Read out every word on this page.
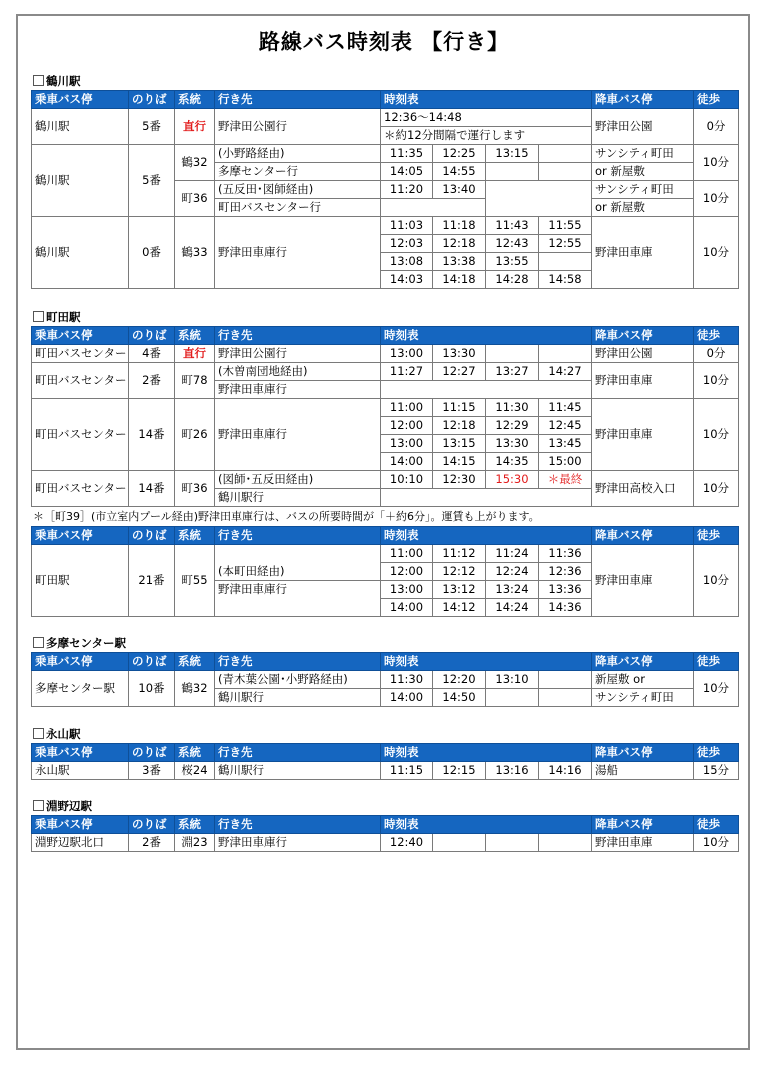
路線バス時刻表 【行き】
鶴川駅
乗車バス停	のりば	系統	行き先	時刻表				降車バス停	徒歩
鶴川駅	5番	直行	野津田公園行	12:36〜14:48				野津田公園	0分
				＊約12分間隔で運行します					
鶴川駅	5番	鶴32	(小野路経由)	11:35	12:25	13:15		サンシティ町田	10分
			多摩センター行	14:05	14:55			or 新屋敷	
		町36	(五反田･図師経由)	11:20	13:40			サンシティ町田	10分
			町田バスセンター行					or 新屋敷	
鶴川駅	0番	鶴33	野津田車庫行	11:03	11:18	11:43	11:55	野津田車庫	10分
				12:03	12:18	12:43	12:55		
				13:08	13:38	13:55			
				14:03	14:18	14:28	14:58		
町田駅
乗車バス停	のりば	系統	行き先	時刻表				降車バス停	徒歩
町田バスセンター	4番	直行	野津田公園行	13:00	13:30			野津田公園	0分
町田バスセンター	2番	町78	(木曽南団地経由)	11:27	12:27	13:27	14:27	野津田車庫	10分
			野津田車庫行						
町田バスセンター	14番	町26	野津田車庫行	11:00	11:15	11:30	11:45	野津田車庫	10分
				12:00	12:18	12:29	12:45		
				13:00	13:15	13:30	13:45		
				14:00	14:15	14:35	15:00		
町田バスセンター	14番	町36	(図師･五反田経由)	10:10	12:30	15:30	＊最終	野津田高校入口	10分
			鶴川駅行						
＊［町39］(市立室内プール経由)野津田車庫行は、バスの所要時間が「＋約6分」。運賃も上がります。
乗車バス停	のりば	系統	行き先	時刻表				降車バス停	徒歩
町田駅	21番	町55	(本町田経由)	11:00	11:12	11:24	11:36	野津田車庫	10分
				12:00	12:12	12:24	12:36		
			野津田車庫行	13:00	13:12	13:24	13:36		
				14:00	14:12	14:24	14:36		
多摩センター駅
乗車バス停	のりば	系統	行き先	時刻表				降車バス停	徒歩
多摩センター駅	10番	鶴32	(青木葉公園･小野路経由)	11:30	12:20	13:10		新屋敷 or	10分
			鶴川駅行	14:00	14:50			サンシティ町田	
永山駅
乗車バス停	のりば	系統	行き先	時刻表				降車バス停	徒歩
永山駅	3番	桜24	鶴川駅行	11:15	12:15	13:16	14:16	湯船	15分
淵野辺駅
乗車バス停	のりば	系統	行き先	時刻表				降車バス停	徒歩
淵野辺駅北口	2番	淵23	野津田車庫行	12:40				野津田車庫	10分
